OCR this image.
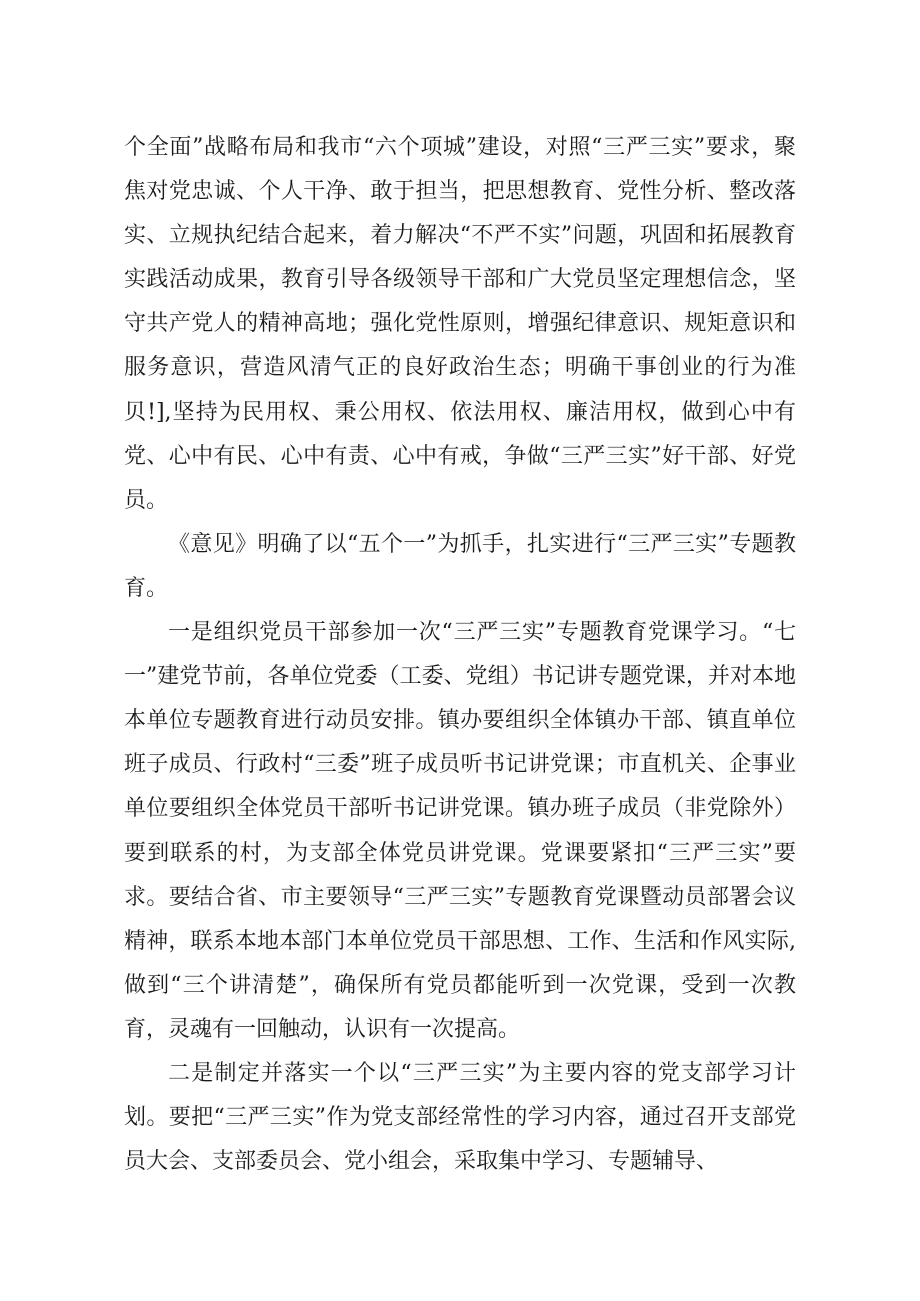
个全面”战略布局和我市“六个项城”建设，对照“三严三实”要求，聚焦对党忠诚、个人干净、敢于担当，把思想教育、党性分析、整改落实、立规执纪结合起来，着力解决“不严不实”问题，巩固和拓展教育实践活动成果，教育引导各级领导干部和广大党员坚定理想信念，坚守共产党人的精神高地；强化党性原则，增强纪律意识、规矩意识和服务意识，营造风清气正的良好政治生态；明确干事创业的行为准贝!],坚持为民用权、秉公用权、依法用权、廉洁用权，做到心中有党、心中有民、心中有责、心中有戒，争做“三严三实”好干部、好党员。

《意见》明确了以“五个一”为抓手，扎实进行“三严三实”专题教育。

一是组织党员干部参加一次“三严三实”专题教育党课学习。“七一”建党节前，各单位党委（工委、党组）书记讲专题党课，并对本地本单位专题教育进行动员安排。镇办要组织全体镇办干部、镇直单位班子成员、行政村“三委”班子成员听书记讲党课；市直机关、企事业单位要组织全体党员干部听书记讲党课。镇办班子成员（非党除外）要到联系的村，为支部全体党员讲党课。党课要紧扣“三严三实”要求。要结合省、市主要领导“三严三实”专题教育党课暨动员部署会议精神，联系本地本部门本单位党员干部思想、工作、生活和作风实际,做到“三个讲清楚”，确保所有党员都能听到一次党课，受到一次教育，灵魂有一回触动，认识有一次提高。

二是制定并落实一个以“三严三实”为主要内容的党支部学习计划。要把“三严三实”作为党支部经常性的学习内容，通过召开支部党员大会、支部委员会、党小组会，采取集中学习、专题辅导、
